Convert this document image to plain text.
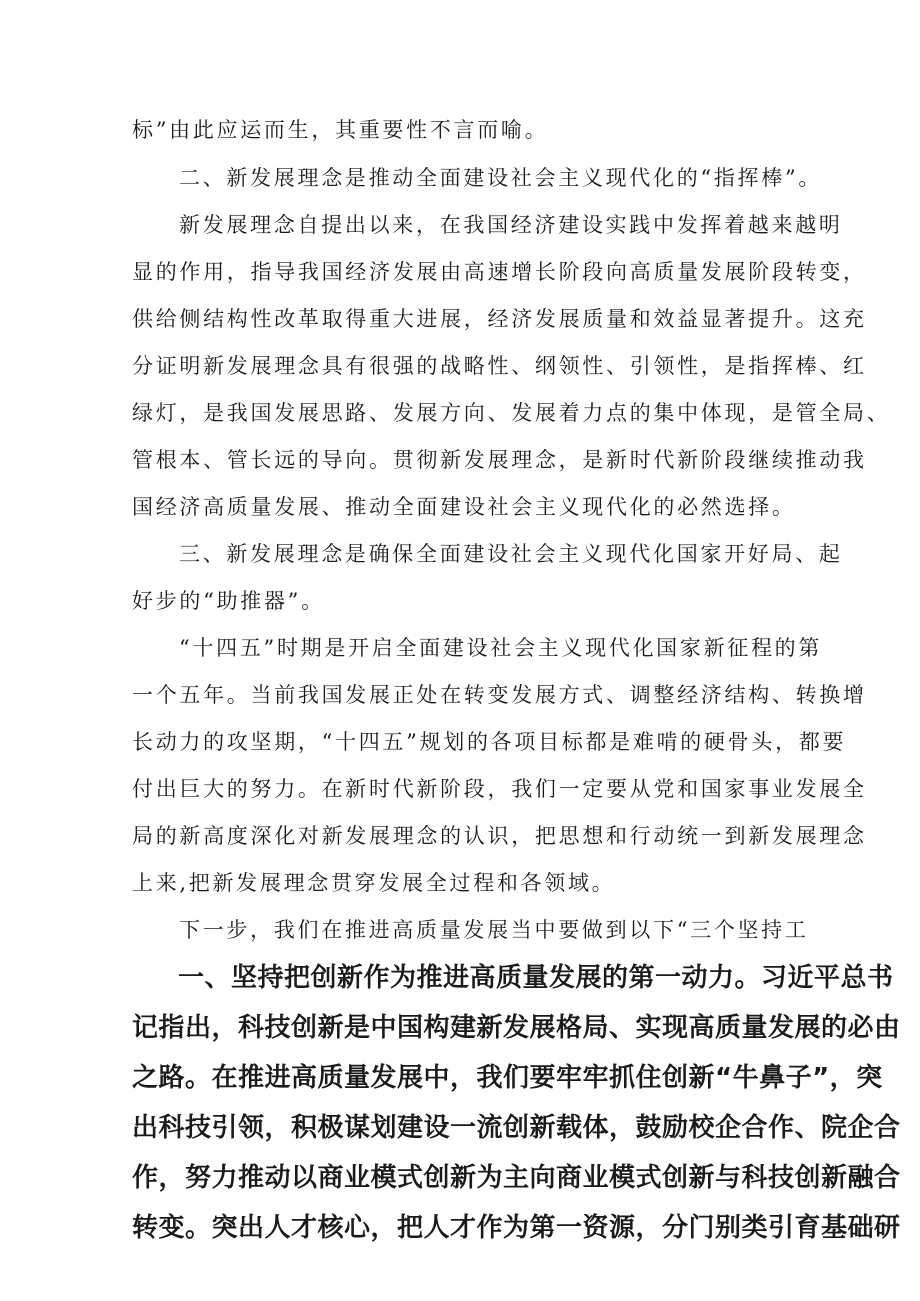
标”由此应运而生，其重要性不言而喻。
二、新发展理念是推动全面建设社会主义现代化的“指挥棒”。
新发展理念自提出以来，在我国经济建设实践中发挥着越来越明
显的作用，指导我国经济发展由高速增长阶段向高质量发展阶段转变，
供给侧结构性改革取得重大进展，经济发展质量和效益显著提升。这充
分证明新发展理念具有很强的战略性、纲领性、引领性，是指挥棒、红
绿灯，是我国发展思路、发展方向、发展着力点的集中体现，是管全局、
管根本、管长远的导向。贯彻新发展理念，是新时代新阶段继续推动我
国经济高质量发展、推动全面建设社会主义现代化的必然选择。
三、新发展理念是确保全面建设社会主义现代化国家开好局、起
好步的“助推器”。
“十四五”时期是开启全面建设社会主义现代化国家新征程的第
一个五年。当前我国发展正处在转变发展方式、调整经济结构、转换增
长动力的攻坚期，“十四五”规划的各项目标都是难啃的硬骨头，都要
付出巨大的努力。在新时代新阶段，我们一定要从党和国家事业发展全
局的新高度深化对新发展理念的认识，把思想和行动统一到新发展理念
上来,把新发展理念贯穿发展全过程和各领域。
下一步，我们在推进高质量发展当中要做到以下“三个坚持工
一、坚持把创新作为推进高质量发展的第一动力。习近平总书
记指出，科技创新是中国构建新发展格局、实现高质量发展的必由
之路。在推进高质量发展中，我们要牢牢抓住创新“牛鼻子”，突
出科技引领，积极谋划建设一流创新载体，鼓励校企合作、院企合
作，努力推动以商业模式创新为主向商业模式创新与科技创新融合
转变。突出人才核心，把人才作为第一资源，分门别类引育基础研
